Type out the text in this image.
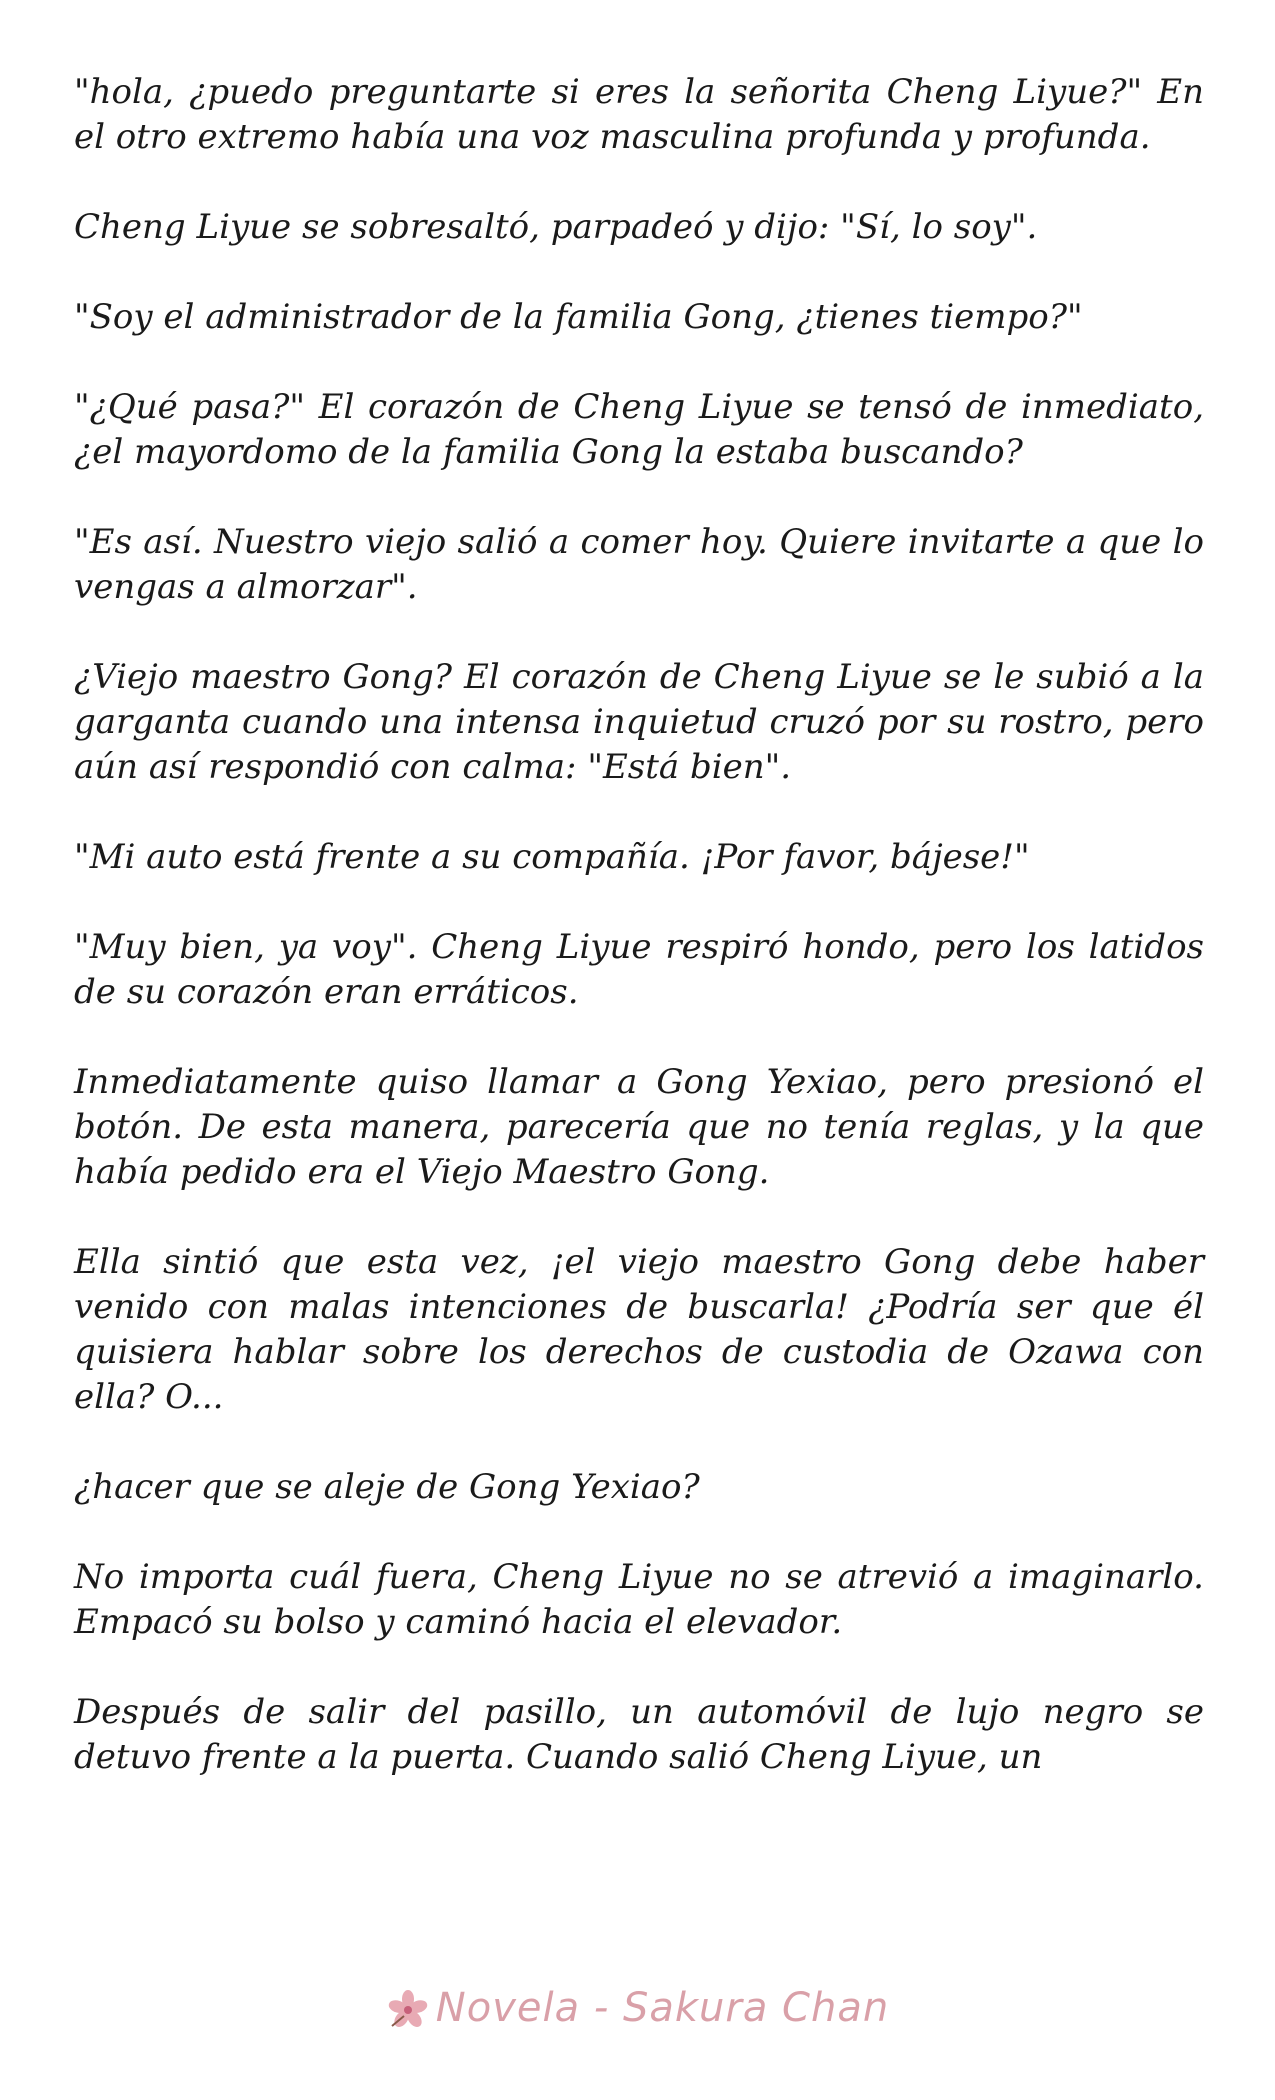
"hola, ¿puedo preguntarte si eres la señorita Cheng Liyue?" En el otro extremo había una voz masculina profunda y profunda.

Cheng Liyue se sobresaltó, parpadeó y dijo: "Sí, lo soy".

"Soy el administrador de la familia Gong, ¿tienes tiempo?"

"¿Qué pasa?" El corazón de Cheng Liyue se tensó de inmediato, ¿el mayordomo de la familia Gong la estaba buscando?

"Es así. Nuestro viejo salió a comer hoy. Quiere invitarte a que lo vengas a almorzar".

¿Viejo maestro Gong? El corazón de Cheng Liyue se le subió a la garganta cuando una intensa inquietud cruzó por su rostro, pero aún así respondió con calma: "Está bien".

"Mi auto está frente a su compañía. ¡Por favor, bájese!"

"Muy bien, ya voy". Cheng Liyue respiró hondo, pero los latidos de su corazón eran erráticos.

Inmediatamente quiso llamar a Gong Yexiao, pero presionó el botón. De esta manera, parecería que no tenía reglas, y la que había pedido era el Viejo Maestro Gong.

Ella sintió que esta vez, ¡el viejo maestro Gong debe haber venido con malas intenciones de buscarla! ¿Podría ser que él quisiera hablar sobre los derechos de custodia de Ozawa con ella? O...

¿hacer que se aleje de Gong Yexiao?

No importa cuál fuera, Cheng Liyue no se atrevió a imaginarlo. Empacó su bolso y caminó hacia el elevador.

Después de salir del pasillo, un automóvil de lujo negro se detuvo frente a la puerta. Cuando salió Cheng Liyue, un

Novela - Sakura Chan
